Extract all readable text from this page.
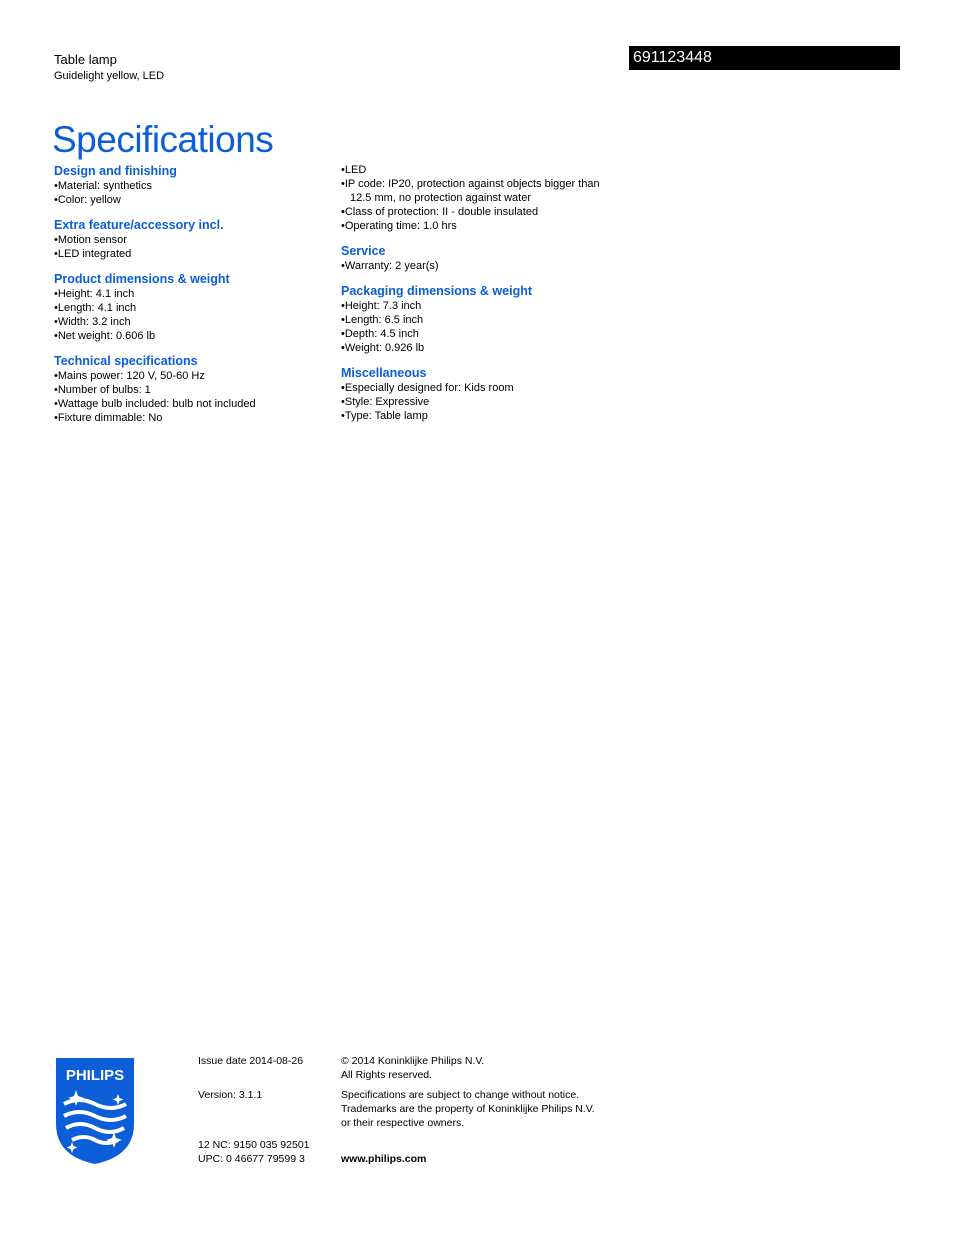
Table lamp
Guidelight yellow, LED
691123448
Specifications
Design and finishing
• Material: synthetics
• Color: yellow
Extra feature/accessory incl.
• Motion sensor
• LED integrated
Product dimensions & weight
• Height: 4.1 inch
• Length: 4.1 inch
• Width: 3.2 inch
• Net weight: 0.606 lb
Technical specifications
• Mains power: 120 V, 50-60 Hz
• Number of bulbs: 1
• Wattage bulb included: bulb not included
• Fixture dimmable: No
• LED
• IP code: IP20, protection against objects bigger than 12.5 mm, no protection against water
• Class of protection: II - double insulated
• Operating time: 1.0 hrs
Service
• Warranty: 2 year(s)
Packaging dimensions & weight
• Height: 7.3 inch
• Length: 6.5 inch
• Depth: 4.5 inch
• Weight: 0.926 lb
Miscellaneous
• Especially designed for: Kids room
• Style: Expressive
• Type: Table lamp
PHILIPS
Issue date 2014-08-26
Version: 3.1.1
12 NC: 9150 035 92501
UPC: 0 46677 79599 3
© 2014 Koninklijke Philips N.V.
All Rights reserved.
Specifications are subject to change without notice.
Trademarks are the property of Koninklijke Philips N.V.
or their respective owners.
www.philips.com
